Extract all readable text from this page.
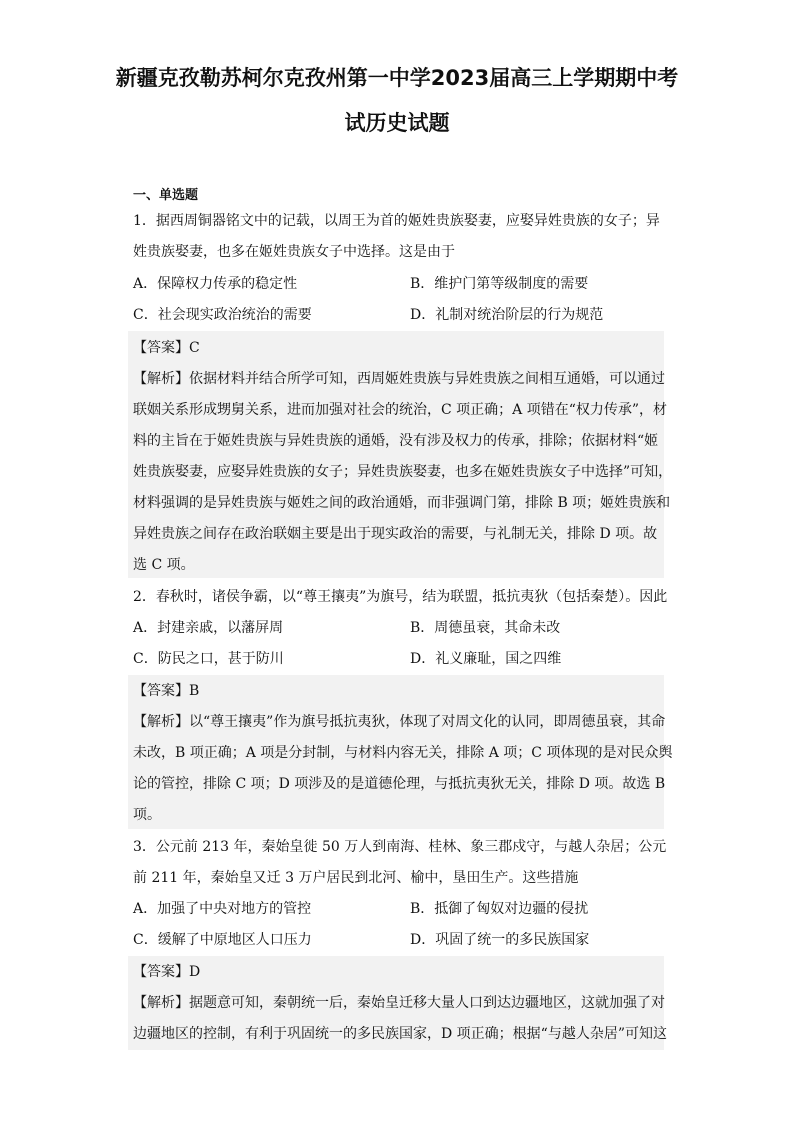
新疆克孜勒苏柯尔克孜州第一中学2023届高三上学期期中考
试历史试题
一、单选题
1．据西周铜器铭文中的记载，以周王为首的姬姓贵族娶妻，应娶异姓贵族的女子；异
姓贵族娶妻，也多在姬姓贵族女子中选择。这是由于
A．保障权力传承的稳定性	B．维护门第等级制度的需要
C．社会现实政治统治的需要	D．礼制对统治阶层的行为规范
【答案】C
【解析】依据材料并结合所学可知，西周姬姓贵族与异姓贵族之间相互通婚，可以通过
联姻关系形成甥舅关系，进而加强对社会的统治，C 项正确；A 项错在“权力传承”，材
料的主旨在于姬姓贵族与异姓贵族的通婚，没有涉及权力的传承，排除；依据材料“姬
姓贵族娶妻，应娶异姓贵族的女子；异姓贵族娶妻，也多在姬姓贵族女子中选择”可知，
材料强调的是异姓贵族与姬姓之间的政治通婚，而非强调门第，排除 B 项；姬姓贵族和
异姓贵族之间存在政治联姻主要是出于现实政治的需要，与礼制无关，排除 D 项。故
选 C 项。
2．春秋时，诸侯争霸，以“尊王攘夷”为旗号，结为联盟，抵抗夷狄（包括秦楚）。因此
A．封建亲戚，以藩屏周	B．周德虽衰，其命未改
C．防民之口，甚于防川	D．礼义廉耻，国之四维
【答案】B
【解析】以“尊王攘夷”作为旗号抵抗夷狄，体现了对周文化的认同，即周德虽衰，其命
未改，B 项正确；A 项是分封制，与材料内容无关，排除 A 项；C 项体现的是对民众舆
论的管控，排除 C 项；D 项涉及的是道德伦理，与抵抗夷狄无关，排除 D 项。故选 B
项。
3．公元前 213 年，秦始皇徙 50 万人到南海、桂林、象三郡戍守，与越人杂居；公元
前 211 年，秦始皇又迁 3 万户居民到北河、榆中，垦田生产。这些措施
A．加强了中央对地方的管控	B．抵御了匈奴对边疆的侵扰
C．缓解了中原地区人口压力	D．巩固了统一的多民族国家
【答案】D
【解析】据题意可知，秦朝统一后，秦始皇迁移大量人口到达边疆地区，这就加强了对
边疆地区的控制，有利于巩固统一的多民族国家，D 项正确；根据“与越人杂居”可知这
